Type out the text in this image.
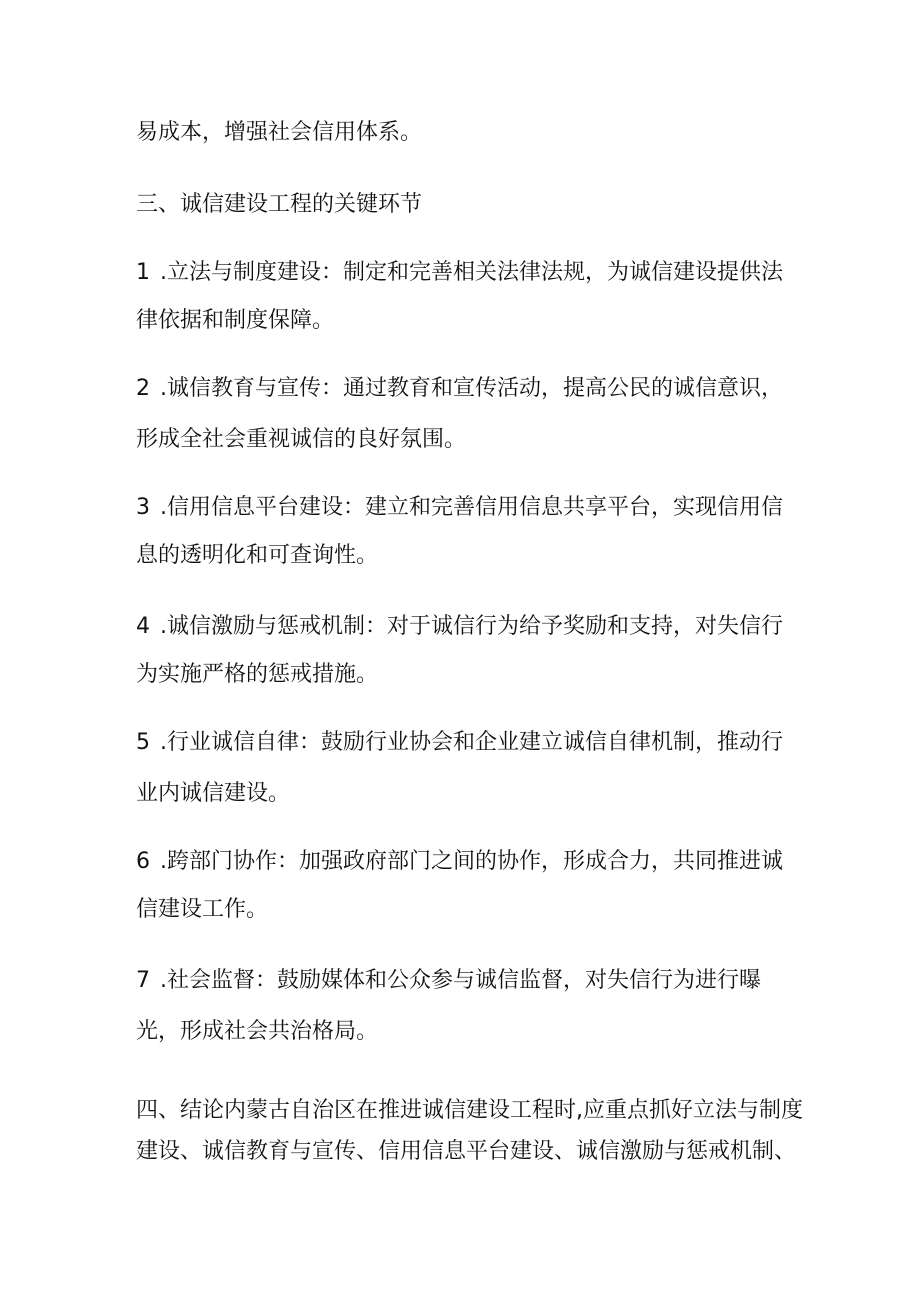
易成本，增强社会信用体系。
三、诚信建设工程的关键环节
1 .立法与制度建设：制定和完善相关法律法规，为诚信建设提供法
律依据和制度保障。
2 .诚信教育与宣传：通过教育和宣传活动，提高公民的诚信意识，
形成全社会重视诚信的良好氛围。
3 .信用信息平台建设：建立和完善信用信息共享平台，实现信用信
息的透明化和可查询性。
4 .诚信激励与惩戒机制：对于诚信行为给予奖励和支持，对失信行
为实施严格的惩戒措施。
5 .行业诚信自律：鼓励行业协会和企业建立诚信自律机制，推动行
业内诚信建设。
6 .跨部门协作：加强政府部门之间的协作，形成合力，共同推进诚
信建设工作。
7 .社会监督：鼓励媒体和公众参与诚信监督，对失信行为进行曝
光，形成社会共治格局。
四、结论内蒙古自治区在推进诚信建设工程时,应重点抓好立法与制度
建设、诚信教育与宣传、信用信息平台建设、诚信激励与惩戒机制、
